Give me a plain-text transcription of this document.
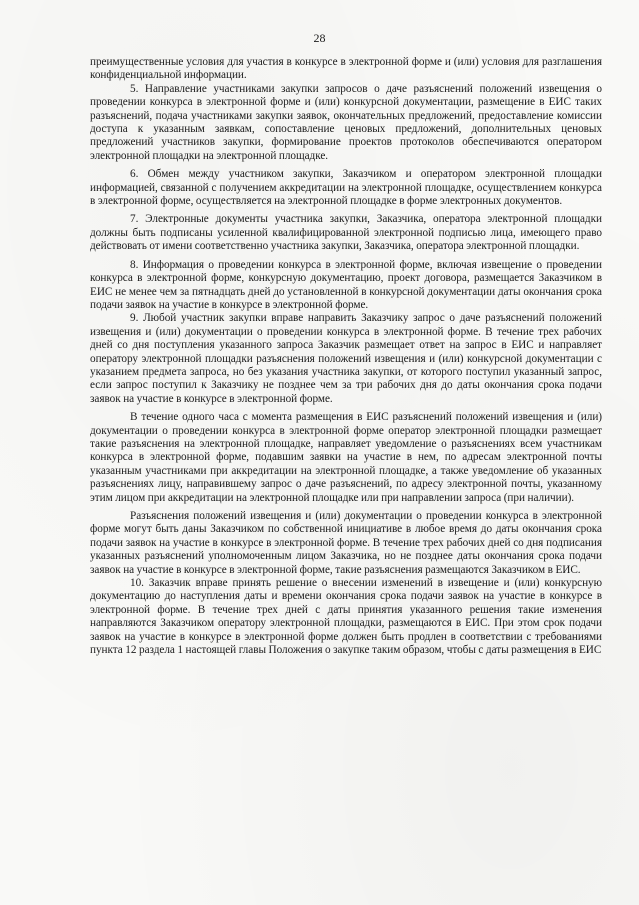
28

преимущественные условия для участия в конкурсе в электронной форме и (или) условия для разглашения конфиденциальной информации.

5. Направление участниками закупки запросов о даче разъяснений положений извещения о проведении конкурса в электронной форме и (или) конкурсной документации, размещение в ЕИС таких разъяснений, подача участниками закупки заявок, окончательных предложений, предоставление комиссии доступа к указанным заявкам, сопоставление ценовых предложений, дополнительных ценовых предложений участников закупки, формирование проектов протоколов обеспечиваются оператором электронной площадки на электронной площадке.

6. Обмен между участником закупки, Заказчиком и оператором электронной площадки информацией, связанной с получением аккредитации на электронной площадке, осуществлением конкурса в электронной форме, осуществляется на электронной площадке в форме электронных документов.

7. Электронные документы участника закупки, Заказчика, оператора электронной площадки должны быть подписаны усиленной квалифицированной электронной подписью лица, имеющего право действовать от имени соответственно участника закупки, Заказчика, оператора электронной площадки.

8. Информация о проведении конкурса в электронной форме, включая извещение о проведении конкурса в электронной форме, конкурсную документацию, проект договора, размещается Заказчиком в ЕИС не менее чем за пятнадцать дней до установленной в конкурсной документации даты окончания срока подачи заявок на участие в конкурсе в электронной форме.

9. Любой участник закупки вправе направить Заказчику запрос о даче разъяснений положений извещения и (или) документации о проведении конкурса в электронной форме. В течение трех рабочих дней со дня поступления указанного запроса Заказчик размещает ответ на запрос в ЕИС и направляет оператору электронной площадки разъяснения положений извещения и (или) конкурсной документации с указанием предмета запроса, но без указания участника закупки, от которого поступил указанный запрос, если запрос поступил к Заказчику не позднее чем за три рабочих дня до даты окончания срока подачи заявок на участие в конкурсе в электронной форме.

В течение одного часа с момента размещения в ЕИС разъяснений положений извещения и (или) документации о проведении конкурса в электронной форме оператор электронной площадки размещает такие разъяснения на электронной площадке, направляет уведомление о разъяснениях всем участникам конкурса в электронной форме, подавшим заявки на участие в нем, по адресам электронной почты указанным участниками при аккредитации на электронной площадке, а также уведомление об указанных разъяснениях лицу, направившему запрос о даче разъяснений, по адресу электронной почты, указанному этим лицом при аккредитации на электронной площадке или при направлении запроса (при наличии).

Разъяснения положений извещения и (или) документации о проведении конкурса в электронной форме могут быть даны Заказчиком по собственной инициативе в любое время до даты окончания срока подачи заявок на участие в конкурсе в электронной форме. В течение трех рабочих дней со дня подписания указанных разъяснений уполномоченным лицом Заказчика, но не позднее даты окончания срока подачи заявок на участие в конкурсе в электронной форме, такие разъяснения размещаются Заказчиком в ЕИС.

10. Заказчик вправе принять решение о внесении изменений в извещение и (или) конкурсную документацию до наступления даты и времени окончания срока подачи заявок на участие в конкурсе в электронной форме. В течение трех дней с даты принятия указанного решения такие изменения направляются Заказчиком оператору электронной площадки, размещаются в ЕИС. При этом срок подачи заявок на участие в конкурсе в электронной форме должен быть продлен в соответствии с требованиями пункта 12 раздела 1 настоящей главы Положения о закупке таким образом, чтобы с даты размещения в ЕИС
